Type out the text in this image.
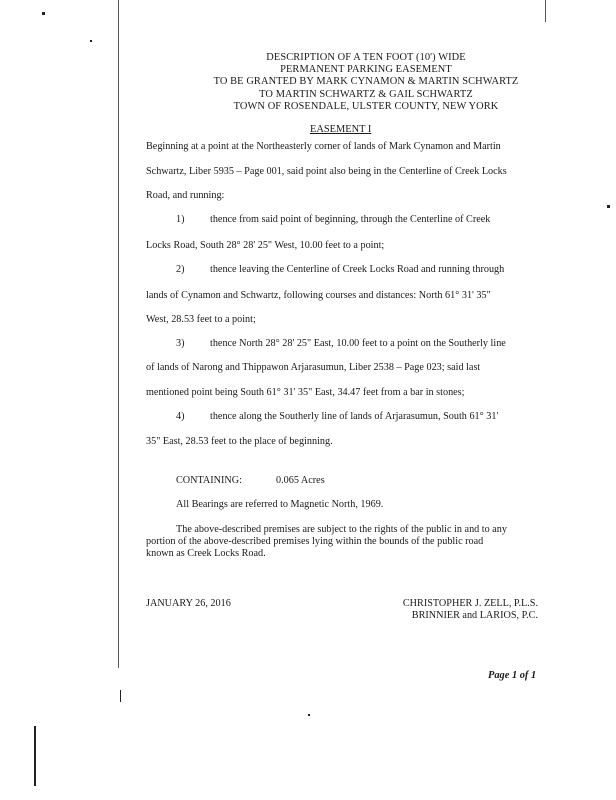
DESCRIPTION OF A TEN FOOT (10') WIDE
PERMANENT PARKING EASEMENT
TO BE GRANTED BY MARK CYNAMON & MARTIN SCHWARTZ
TO MARTIN SCHWARTZ & GAIL SCHWARTZ
TOWN OF ROSENDALE, ULSTER COUNTY, NEW YORK
EASEMENT I
Beginning at a point at the Northeasterly corner of lands of Mark Cynamon and Martin
Schwartz, Liber 5935 – Page 001, said point also being in the Centerline of Creek Locks
Road, and running:
1)	thence from said point of beginning, through the Centerline of Creek
Locks Road, South 28° 28' 25" West, 10.00 feet to a point;
2)	thence leaving the Centerline of Creek Locks Road and running through
lands of Cynamon and Schwartz, following courses and distances: North 61° 31' 35"
West, 28.53 feet to a point;
3)	thence North 28° 28' 25" East, 10.00 feet to a point on the Southerly line
of lands of Narong and Thippawon Arjarasumun, Liber 2538 – Page 023; said last
mentioned point being South 61° 31' 35" East, 34.47 feet from a bar in stones;
4)	thence along the Southerly line of lands of Arjarasumun, South 61° 31'
35" East, 28.53 feet to the place of beginning.
CONTAINING:	0.065 Acres
All Bearings are referred to Magnetic North, 1969.
The above-described premises are subject to the rights of the public in and to any
portion of the above-described premises lying within the bounds of the public road
known as Creek Locks Road.
JANUARY 26, 2016	CHRISTOPHER J. ZELL, P.L.S.
BRINNIER and LARIOS, P.C.
Page 1 of 1
